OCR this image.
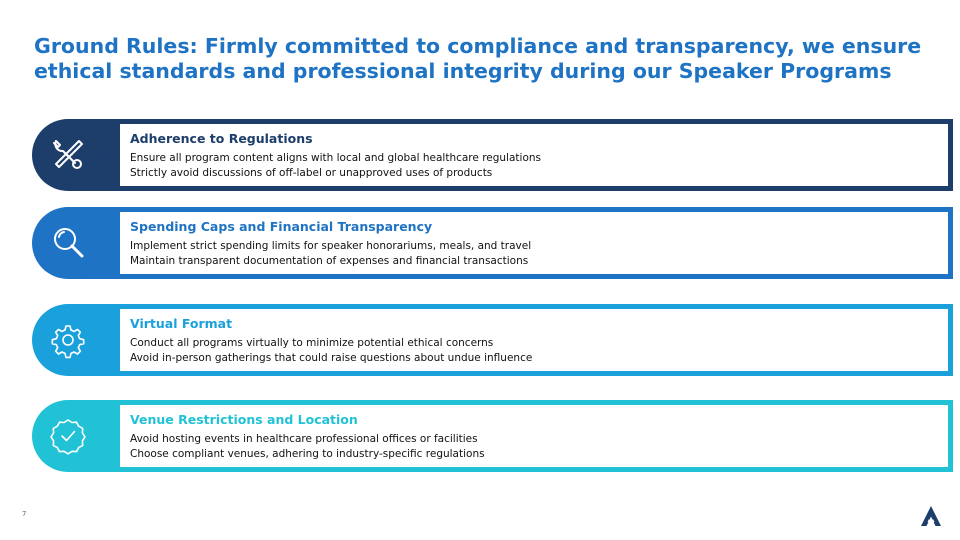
Ground Rules: Firmly committed to compliance and transparency, we ensure
ethical standards and professional integrity during our Speaker Programs
Adherence to Regulations
Ensure all program content aligns with local and global healthcare regulations
Strictly avoid discussions of off-label or unapproved uses of products
Spending Caps and Financial Transparency
Implement strict spending limits for speaker honorariums, meals, and travel
Maintain transparent documentation of expenses and financial transactions
Virtual Format
Conduct all programs virtually to minimize potential ethical concerns
Avoid in-person gatherings that could raise questions about undue influence
Venue Restrictions and Location
Avoid hosting events in healthcare professional offices or facilities
Choose compliant venues, adhering to industry-specific regulations
7
